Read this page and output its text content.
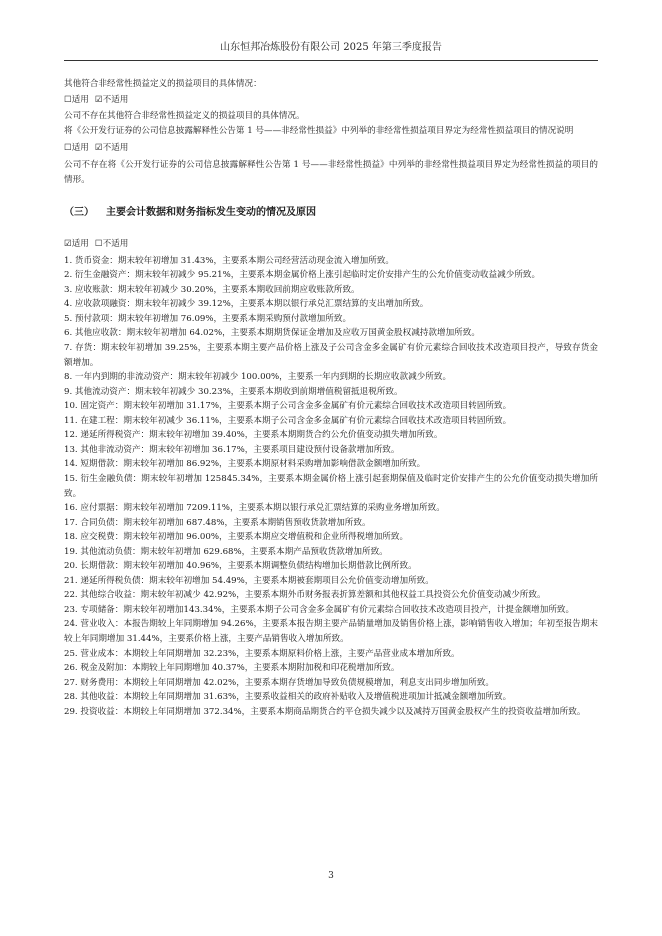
山东恒邦冶炼股份有限公司 2025 年第三季度报告

其他符合非经常性损益定义的损益项目的具体情况：

☐适用 ☑不适用

公司不存在其他符合非经常性损益定义的损益项目的具体情况。

将《公开发行证券的公司信息披露解释性公告第 1 号——非经常性损益》中列举的非经常性损益项目界定为经常性损益项目的情况说明

☐适用 ☑不适用

公司不存在将《公开发行证券的公司信息披露解释性公告第 1 号——非经常性损益》中列举的非经常性损益项目界定为经常性损益的项目的情形。

（三） 主要会计数据和财务指标发生变动的情况及原因
☑适用 ☐不适用

1. 货币资金：期末较年初增加 31.43%，主要系本期公司经营活动现金流入增加所致。

2. 衍生金融资产：期末较年初减少 95.21%，主要系本期金属价格上涨引起临时定价安排产生的公允价值变动收益减少所致。

3. 应收账款：期末较年初减少 30.20%，主要系本期收回前期应收账款所致。

4. 应收款项融资：期末较年初减少 39.12%，主要系本期以银行承兑汇票结算的支出增加所致。

5. 预付款项：期末较年初增加 76.09%，主要系本期采购预付款增加所致。

6. 其他应收款：期末较年初增加 64.02%，主要系本期期货保证金增加及应收万国黄金股权减持款增加所致。

7. 存货：期末较年初增加 39.25%，主要系本期主要产品价格上涨及子公司含金多金属矿有价元素综合回收技术改造项目投产，导致存货金额增加。

8. 一年内到期的非流动资产：期末较年初减少 100.00%，主要系一年内到期的长期应收款减少所致。

9. 其他流动资产：期末较年初减少 30.23%，主要系本期收到前期增值税留抵退税所致。

10. 固定资产：期末较年初增加 31.17%，主要系本期子公司含金多金属矿有价元素综合回收技术改造项目转固所致。

11. 在建工程：期末较年初减少 36.11%，主要系本期子公司含金多金属矿有价元素综合回收技术改造项目转固所致。

12. 递延所得税资产：期末较年初增加 39.40%，主要系本期期货合约公允价值变动损失增加所致。

13. 其他非流动资产：期末较年初增加 36.17%，主要系项目建设预付设备款增加所致。

14. 短期借款：期末较年初增加 86.92%，主要系本期原材料采购增加影响借款金额增加所致。

15. 衍生金融负债：期末较年初增加 125845.34%，主要系本期金属价格上涨引起套期保值及临时定价安排产生的公允价值变动损失增加所致。

16. 应付票据：期末较年初增加 7209.11%，主要系本期以银行承兑汇票结算的采购业务增加所致。

17. 合同负债：期末较年初增加 687.48%，主要系本期销售预收货款增加所致。

18. 应交税费：期末较年初增加 96.00%，主要系本期应交增值税和企业所得税增加所致。

19. 其他流动负债：期末较年初增加 629.68%，主要系本期产品预收货款增加所致。

20. 长期借款：期末较年初增加 40.96%，主要系本期调整负债结构增加长期借款比例所致。

21. 递延所得税负债：期末较年初增加 54.49%，主要系本期被套期项目公允价值变动增加所致。

22. 其他综合收益：期末较年初减少 42.92%，主要系本期外币财务报表折算差额和其他权益工具投资公允价值变动减少所致。

23. 专项储备：期末较年初增加143.34%，主要系本期子公司含金多金属矿有价元素综合回收技术改造项目投产，计提金额增加所致。

24. 营业收入：本报告期较上年同期增加 94.26%，主要系本报告期主要产品销量增加及销售价格上涨，影响销售收入增加；年初至报告期末较上年同期增加 31.44%，主要系价格上涨，主要产品销售收入增加所致。

25. 营业成本：本期较上年同期增加 32.23%，主要系本期原料价格上涨，主要产品营业成本增加所致。

26. 税金及附加：本期较上年同期增加 40.37%，主要系本期附加税和印花税增加所致。

27. 财务费用：本期较上年同期增加 42.02%，主要系本期存货增加导致负债规模增加，利息支出同步增加所致。

28. 其他收益：本期较上年同期增加 31.63%，主要系收益相关的政府补贴收入及增值税进项加计抵减金额增加所致。

29. 投资收益：本期较上年同期增加 372.34%，主要系本期商品期货合约平仓损失减少以及减持万国黄金股权产生的投资收益增加所致。

3
